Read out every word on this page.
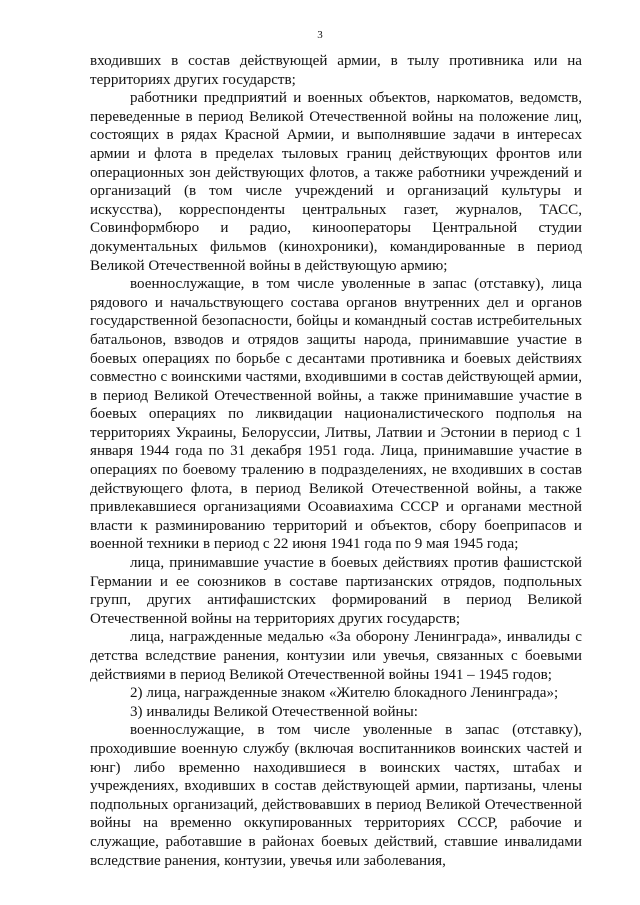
3

входивших в состав действующей армии, в тылу противника или на территориях других государств;

работники предприятий и военных объектов, наркоматов, ведомств, переведенные в период Великой Отечественной войны на положение лиц, состоящих в рядах Красной Армии, и выполнявшие задачи в интересах армии и флота в пределах тыловых границ действующих фронтов или операционных зон действующих флотов, а также работники учреждений и организаций (в том числе учреждений и организаций культуры и искусства), корреспонденты центральных газет, журналов, ТАСС, Совинформбюро и радио, кинооператоры Центральной студии документальных фильмов (кинохроники), командированные в период Великой Отечественной войны в действующую армию;

военнослужащие, в том числе уволенные в запас (отставку), лица рядового и начальствующего состава органов внутренних дел и органов государственной безопасности, бойцы и командный состав истребительных батальонов, взводов и отрядов защиты народа, принимавшие участие в боевых операциях по борьбе с десантами противника и боевых действиях совместно с воинскими частями, входившими в состав действующей армии, в период Великой Отечественной войны, а также принимавшие участие в боевых операциях по ликвидации националистического подполья на территориях Украины, Белоруссии, Литвы, Латвии и Эстонии в период с 1 января 1944 года по 31 декабря 1951 года. Лица, принимавшие участие в операциях по боевому тралению в подразделениях, не входивших в состав действующего флота, в период Великой Отечественной войны, а также привлекавшиеся организациями Осоавиахима СССР и органами местной власти к разминированию территорий и объектов, сбору боеприпасов и военной техники в период с 22 июня 1941 года по 9 мая 1945 года;

лица, принимавшие участие в боевых действиях против фашистской Германии и ее союзников в составе партизанских отрядов, подпольных групп, других антифашистских формирований в период Великой Отечественной войны на территориях других государств;

лица, награжденные медалью «За оборону Ленинграда», инвалиды с детства вследствие ранения, контузии или увечья, связанных с боевыми действиями в период Великой Отечественной войны 1941 – 1945 годов;

2) лица, награжденные знаком «Жителю блокадного Ленинграда»;

3) инвалиды Великой Отечественной войны:

военнослужащие, в том числе уволенные в запас (отставку), проходившие военную службу (включая воспитанников воинских частей и юнг) либо временно находившиеся в воинских частях, штабах и учреждениях, входивших в состав действующей армии, партизаны, члены подпольных организаций, действовавших в период Великой Отечественной войны на временно оккупированных территориях СССР, рабочие и служащие, работавшие в районах боевых действий, ставшие инвалидами вследствие ранения, контузии, увечья или заболевания,
